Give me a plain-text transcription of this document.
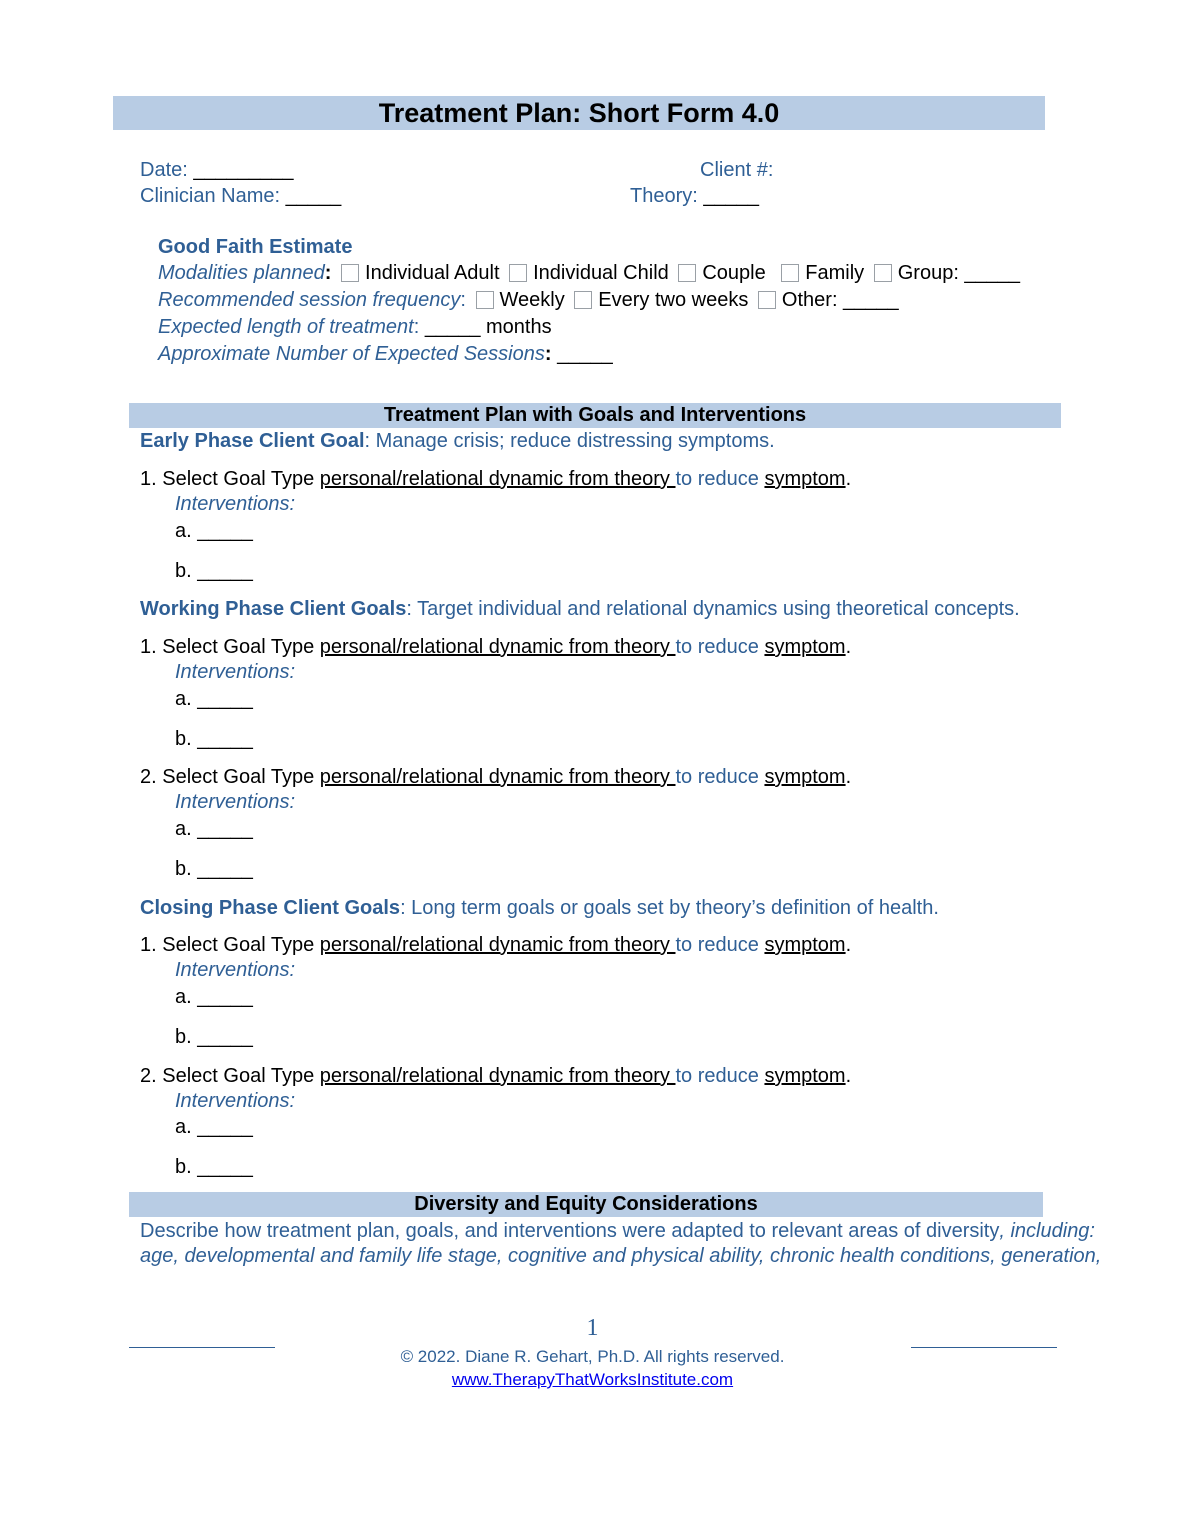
Treatment Plan: Short Form 4.0
Date: _________	Client #:
Clinician Name: _____	Theory: _____
Good Faith Estimate
Modalities planned: Individual Adult Individual Child Couple Family Group: _____
Recommended session frequency: Weekly Every two weeks Other: _____
Expected length of treatment: _____ months
Approximate Number of Expected Sessions: _____
Treatment Plan with Goals and Interventions
Early Phase Client Goal: Manage crisis; reduce distressing symptoms.
1. Select Goal Type personal/relational dynamic from theory to reduce symptom.
Interventions:
a. _____
b. _____
Working Phase Client Goals: Target individual and relational dynamics using theoretical concepts.
1. Select Goal Type personal/relational dynamic from theory to reduce symptom.
Interventions:
a. _____
b. _____
2. Select Goal Type personal/relational dynamic from theory to reduce symptom.
Interventions:
a. _____
b. _____
Closing Phase Client Goals: Long term goals or goals set by theory’s definition of health.
1. Select Goal Type personal/relational dynamic from theory to reduce symptom.
Interventions:
a. _____
b. _____
2. Select Goal Type personal/relational dynamic from theory to reduce symptom.
Interventions:
a. _____
b. _____
Diversity and Equity Considerations
Describe how treatment plan, goals, and interventions were adapted to relevant areas of diversity, including:
age, developmental and family life stage, cognitive and physical ability, chronic health conditions, generation,
1
© 2022. Diane R. Gehart, Ph.D. All rights reserved.
www.TherapyThatWorksInstitute.com
